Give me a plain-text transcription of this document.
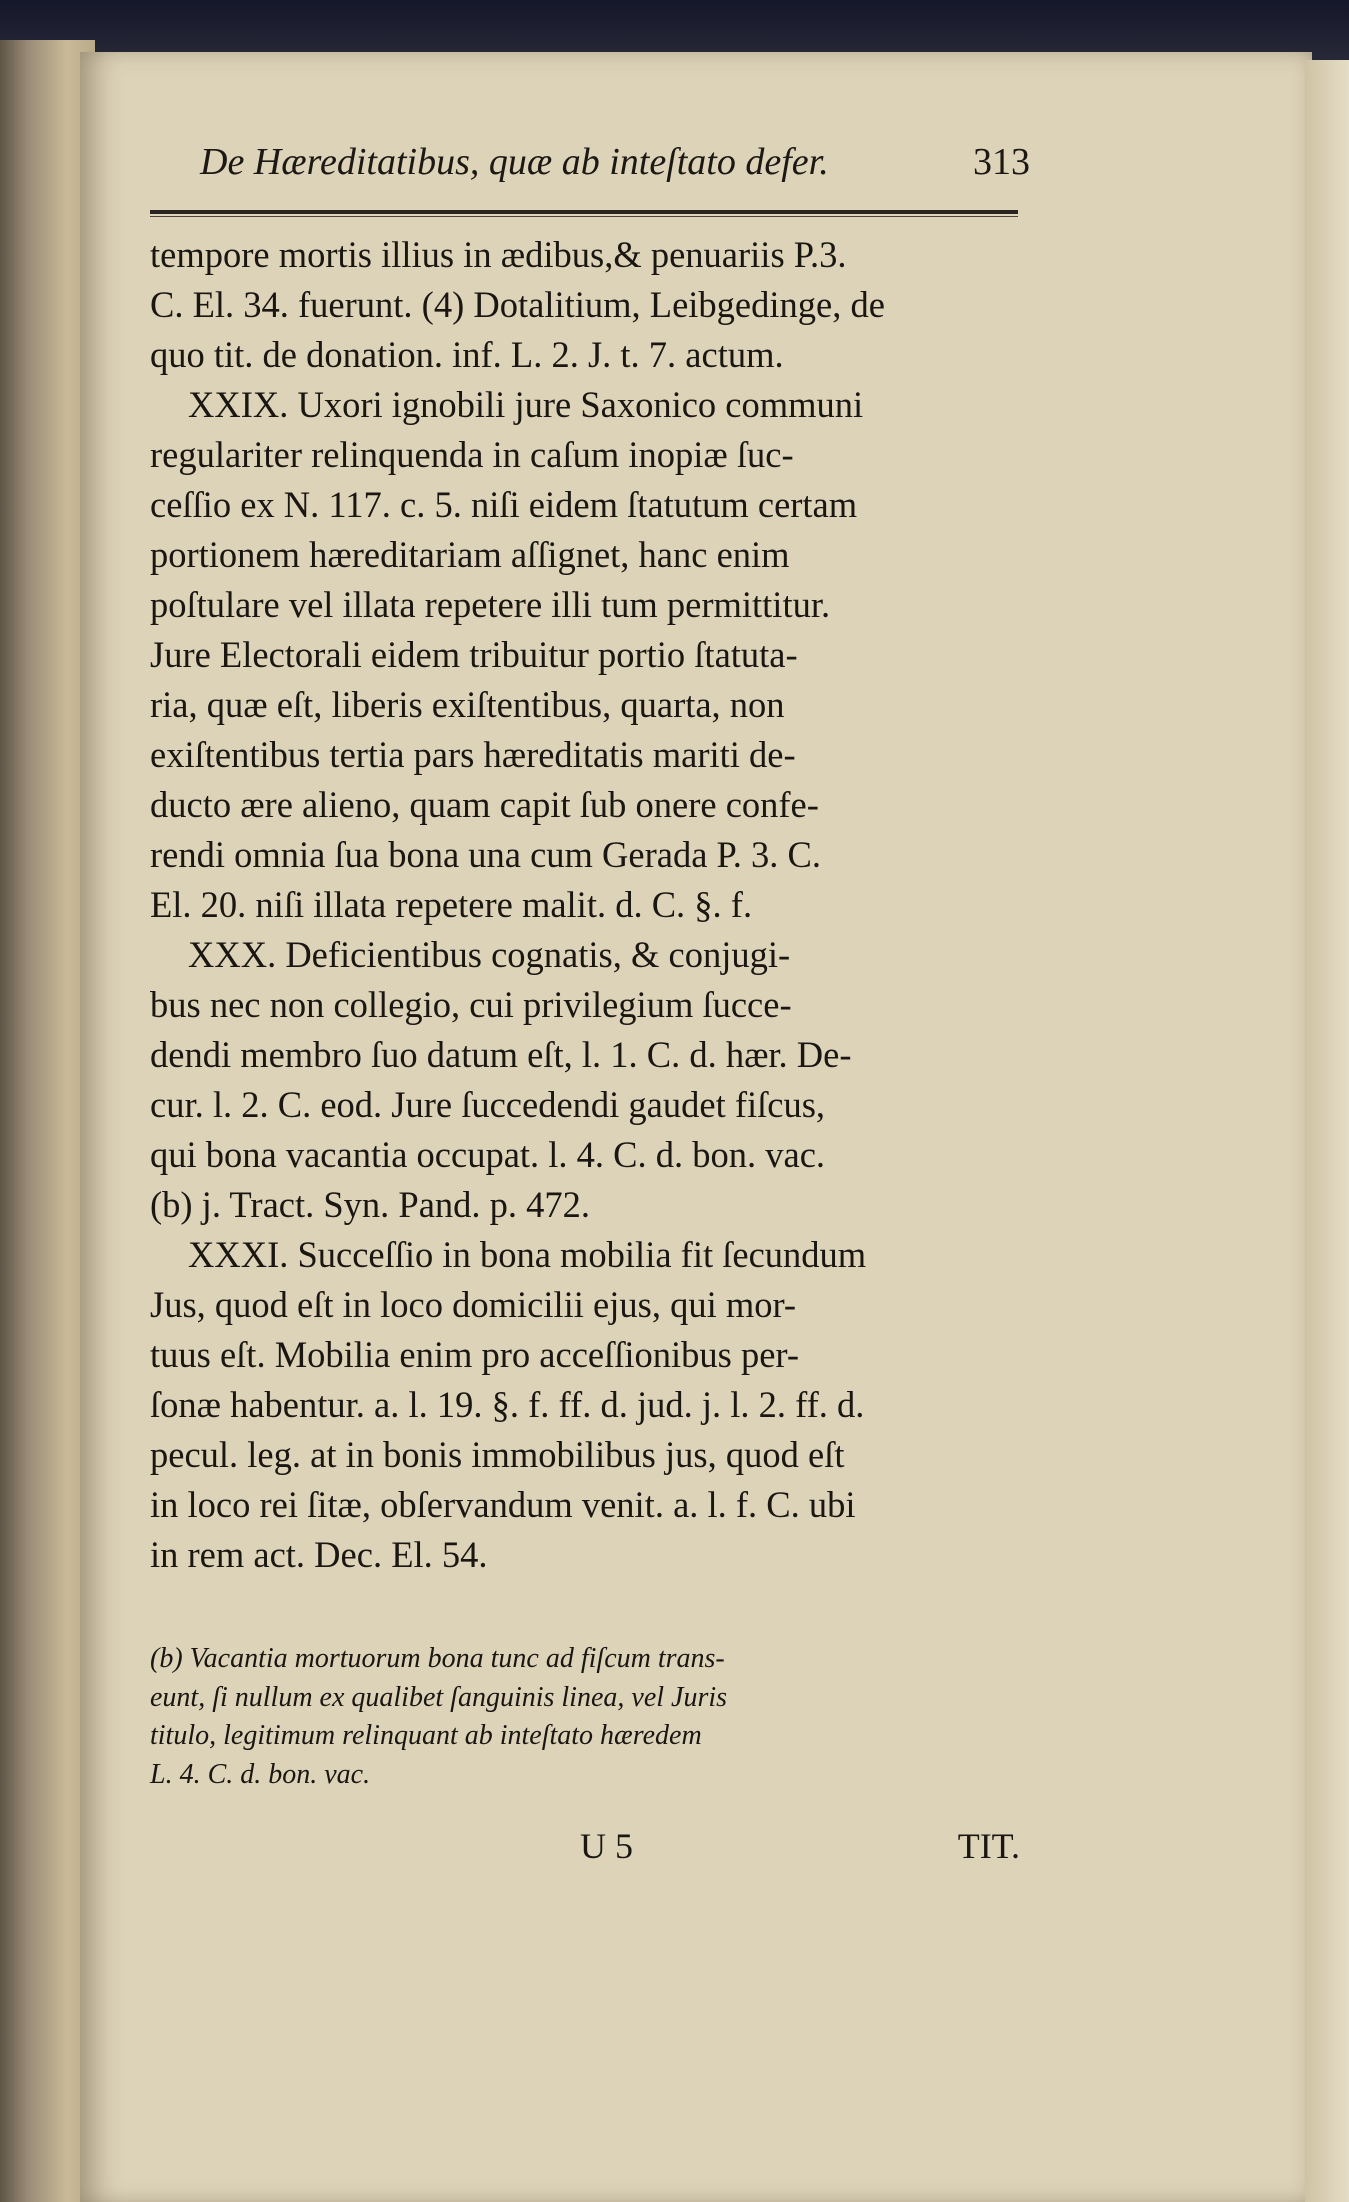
De Hæreditatibus, quæ ab inteſtato defer.	313
tempore mortis illius in ædibus,& penuariis P.3.
C. El. 34. fuerunt. (4) Dotalitium, Leibgedinge, de
quo tit. de donation. inf. L. 2. J. t. 7. actum.
XXIX. Uxori ignobili jure Saxonico communi
regulariter relinquenda in caſum inopiæ ſuc-
ceſſio ex N. 117. c. 5. niſi eidem ſtatutum certam
portionem hæreditariam aſſignet, hanc enim
poſtulare vel illata repetere illi tum permittitur.
Jure Electorali eidem tribuitur portio ſtatuta-
ria, quæ eſt, liberis exiſtentibus, quarta, non
exiſtentibus tertia pars hæreditatis mariti de-
ducto ære alieno, quam capit ſub onere confe-
rendi omnia ſua bona una cum Gerada P. 3. C.
El. 20. niſi illata repetere malit. d. C. §. f.
XXX. Deficientibus cognatis, & conjugi-
bus nec non collegio, cui privilegium ſucce-
dendi membro ſuo datum eſt, l. 1. C. d. hær. De-
cur. l. 2. C. eod. Jure ſuccedendi gaudet fiſcus,
qui bona vacantia occupat. l. 4. C. d. bon. vac.
(b) j. Tract. Syn. Pand. p. 472.
XXXI. Succeſſio in bona mobilia fit ſecundum
Jus, quod eſt in loco domicilii ejus, qui mor-
tuus eſt. Mobilia enim pro acceſſionibus per-
ſonæ habentur. a. l. 19. §. f. ff. d. jud. j. l. 2. ff. d.
pecul. leg. at in bonis immobilibus jus, quod eſt
in loco rei ſitæ, obſervandum venit. a. l. f. C. ubi
in rem act. Dec. El. 54.
(b) Vacantia mortuorum bona tunc ad fiſcum trans-
eunt, ſi nullum ex qualibet ſanguinis linea, vel Juris
titulo, legitimum relinquant ab inteſtato hæredem
L. 4. C. d. bon. vac.
U 5	TIT.
